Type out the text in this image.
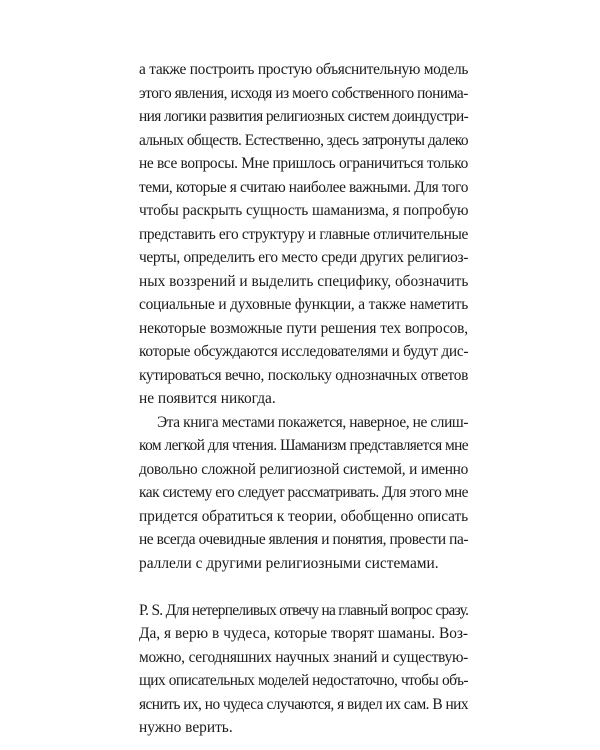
а также построить простую объяснительную модель
этого явления, исходя из моего собственного понима-
ния логики развития религиозных систем доиндустри-
альных обществ. Естественно, здесь затронуты далеко
не все вопросы. Мне пришлось ограничиться только
теми, которые я считаю наиболее важными. Для того
чтобы раскрыть сущность шаманизма, я попробую
представить его структуру и главные отличительные
черты, определить его место среди других религиоз-
ных воззрений и выделить специфику, обозначить
социальные и духовные функции, а также наметить
некоторые возможные пути решения тех вопросов,
которые обсуждаются исследователями и будут дис-
кутироваться вечно, поскольку однозначных ответов
не появится никогда.

Эта книга местами покажется, наверное, не слиш-
ком легкой для чтения. Шаманизм представляется мне
довольно сложной религиозной системой, и именно
как систему его следует рассматривать. Для этого мне
придется обратиться к теории, обобщенно описать
не всегда очевидные явления и понятия, провести па-
раллели с другими религиозными системами.

P. S. Для нетерпеливых отвечу на главный вопрос сразу.
Да, я верю в чудеса, которые творят шаманы. Воз-
можно, сегодняшних научных знаний и существую-
щих описательных моделей недостаточно, чтобы объ-
яснить их, но чудеса случаются, я видел их сам. В них
нужно верить.
